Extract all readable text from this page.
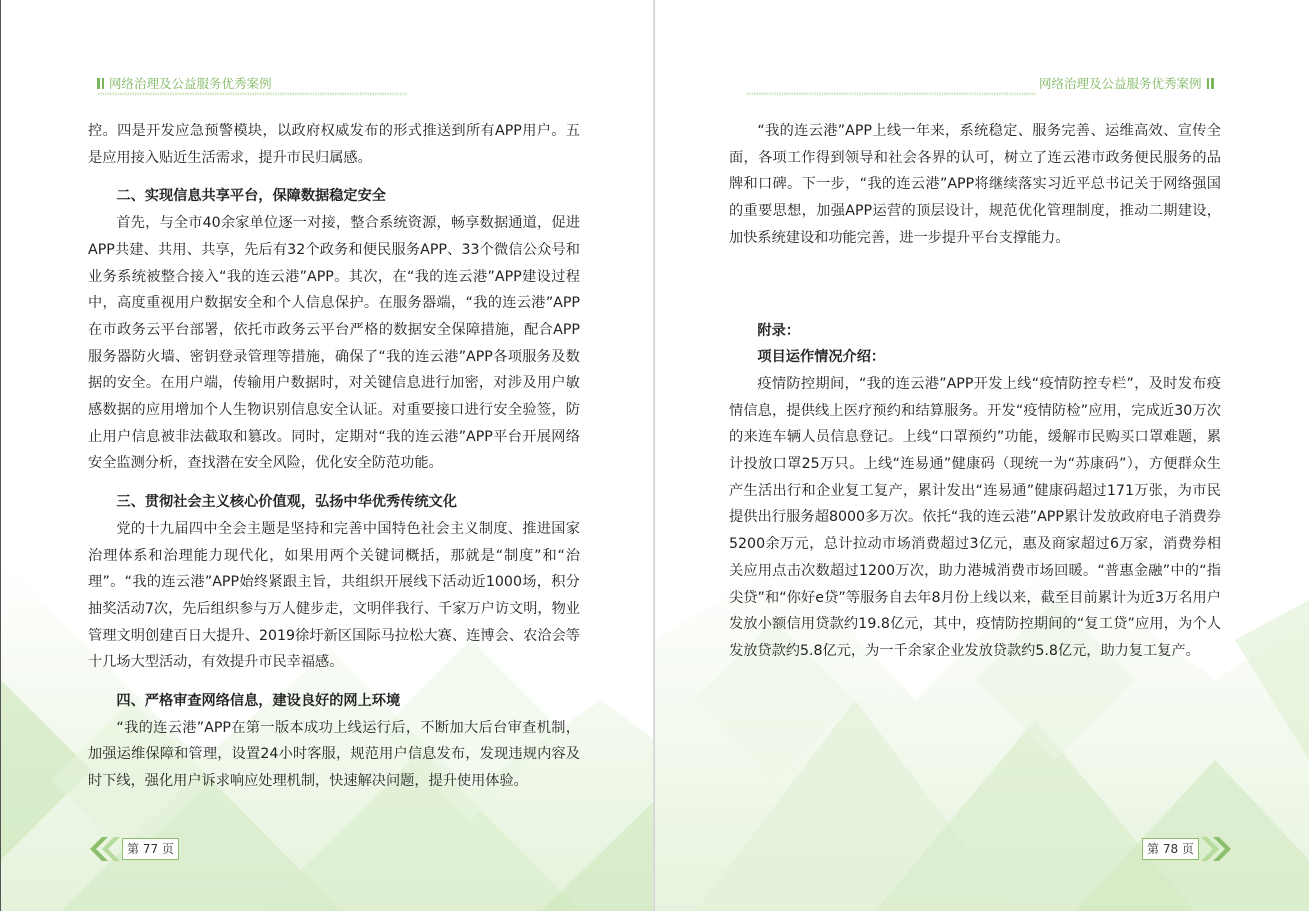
网络治理及公益服务优秀案例
››››››››››››››››››››››››››››››››››››››››››››››››››››››››››››››››››››››››››››››››››››››››››››››››››››››››››››››››››››››››››››

控。四是开发应急预警模块，以政府权威发布的形式推送到所有APP用户。五是应用接入贴近生活需求，提升市民归属感。

二、实现信息共享平台，保障数据稳定安全

首先，与全市40余家单位逐一对接，整合系统资源，畅享数据通道，促进APP共建、共用、共享，先后有32个政务和便民服务APP、33个微信公众号和业务系统被整合接入“我的连云港”APP。其次，在“我的连云港”APP建设过程中，高度重视用户数据安全和个人信息保护。在服务器端，“我的连云港”APP在市政务云平台部署，依托市政务云平台严格的数据安全保障措施，配合APP服务器防火墙、密钥登录管理等措施，确保了“我的连云港”APP各项服务及数据的安全。在用户端，传输用户数据时，对关键信息进行加密，对涉及用户敏感数据的应用增加个人生物识别信息安全认证。对重要接口进行安全验签，防止用户信息被非法截取和篡改。同时，定期对“我的连云港”APP平台开展网络安全监测分析，查找潜在安全风险，优化安全防范功能。

三、贯彻社会主义核心价值观，弘扬中华优秀传统文化

党的十九届四中全会主题是坚持和完善中国特色社会主义制度、推进国家治理体系和治理能力现代化，如果用两个关键词概括，那就是“制度”和“治理”。“我的连云港”APP始终紧跟主旨，共组织开展线下活动近1000场，积分抽奖活动7次，先后组织参与万人健步走，文明伴我行、千家万户访文明，物业管理文明创建百日大提升、2019徐圩新区国际马拉松大赛、连博会、农洽会等十几场大型活动，有效提升市民幸福感。

四、严格审查网络信息，建设良好的网上环境

“我的连云港”APP在第一版本成功上线运行后，不断加大后台审查机制，加强运维保障和管理，设置24小时客服，规范用户信息发布，发现违规内容及时下线，强化用户诉求响应处理机制，快速解决问题，提升使用体验。

第 77 页
网络治理及公益服务优秀案例
‹‹‹‹‹‹‹‹‹‹‹‹‹‹‹‹‹‹‹‹‹‹‹‹‹‹‹‹‹‹‹‹‹‹‹‹‹‹‹‹‹‹‹‹‹‹‹‹‹‹‹‹‹‹‹‹‹‹‹‹‹‹‹‹‹‹‹‹‹‹‹‹‹‹‹‹‹‹‹‹‹‹‹‹‹‹‹‹‹‹‹‹‹‹‹‹‹‹‹‹‹‹‹‹‹‹‹‹‹‹‹‹‹‹‹‹

“我的连云港”APP上线一年来，系统稳定、服务完善、运维高效、宣传全面，各项工作得到领导和社会各界的认可，树立了连云港市政务便民服务的品牌和口碑。下一步，“我的连云港”APP将继续落实习近平总书记关于网络强国的重要思想，加强APP运营的顶层设计，规范优化管理制度，推动二期建设，加快系统建设和功能完善，进一步提升平台支撑能力。

附录：

项目运作情况介绍：

疫情防控期间，“我的连云港”APP开发上线“疫情防控专栏”，及时发布疫情信息，提供线上医疗预约和结算服务。开发“疫情防检”应用，完成近30万次的来连车辆人员信息登记。上线“口罩预约”功能，缓解市民购买口罩难题，累计投放口罩25万只。上线“连易通”健康码（现统一为“苏康码”），方便群众生产生活出行和企业复工复产，累计发出“连易通”健康码超过171万张，为市民提供出行服务超8000多万次。依托“我的连云港”APP累计发放政府电子消费券5200余万元，总计拉动市场消费超过3亿元，惠及商家超过6万家，消费券相关应用点击次数超过1200万次，助力港城消费市场回暖。“普惠金融”中的“指尖贷”和“你好e贷”等服务自去年8月份上线以来，截至目前累计为近3万名用户发放小额信用贷款约19.8亿元，其中，疫情防控期间的“复工贷”应用，为个人发放贷款约5.8亿元，为一千余家企业发放贷款约5.8亿元，助力复工复产。

第 78 页
